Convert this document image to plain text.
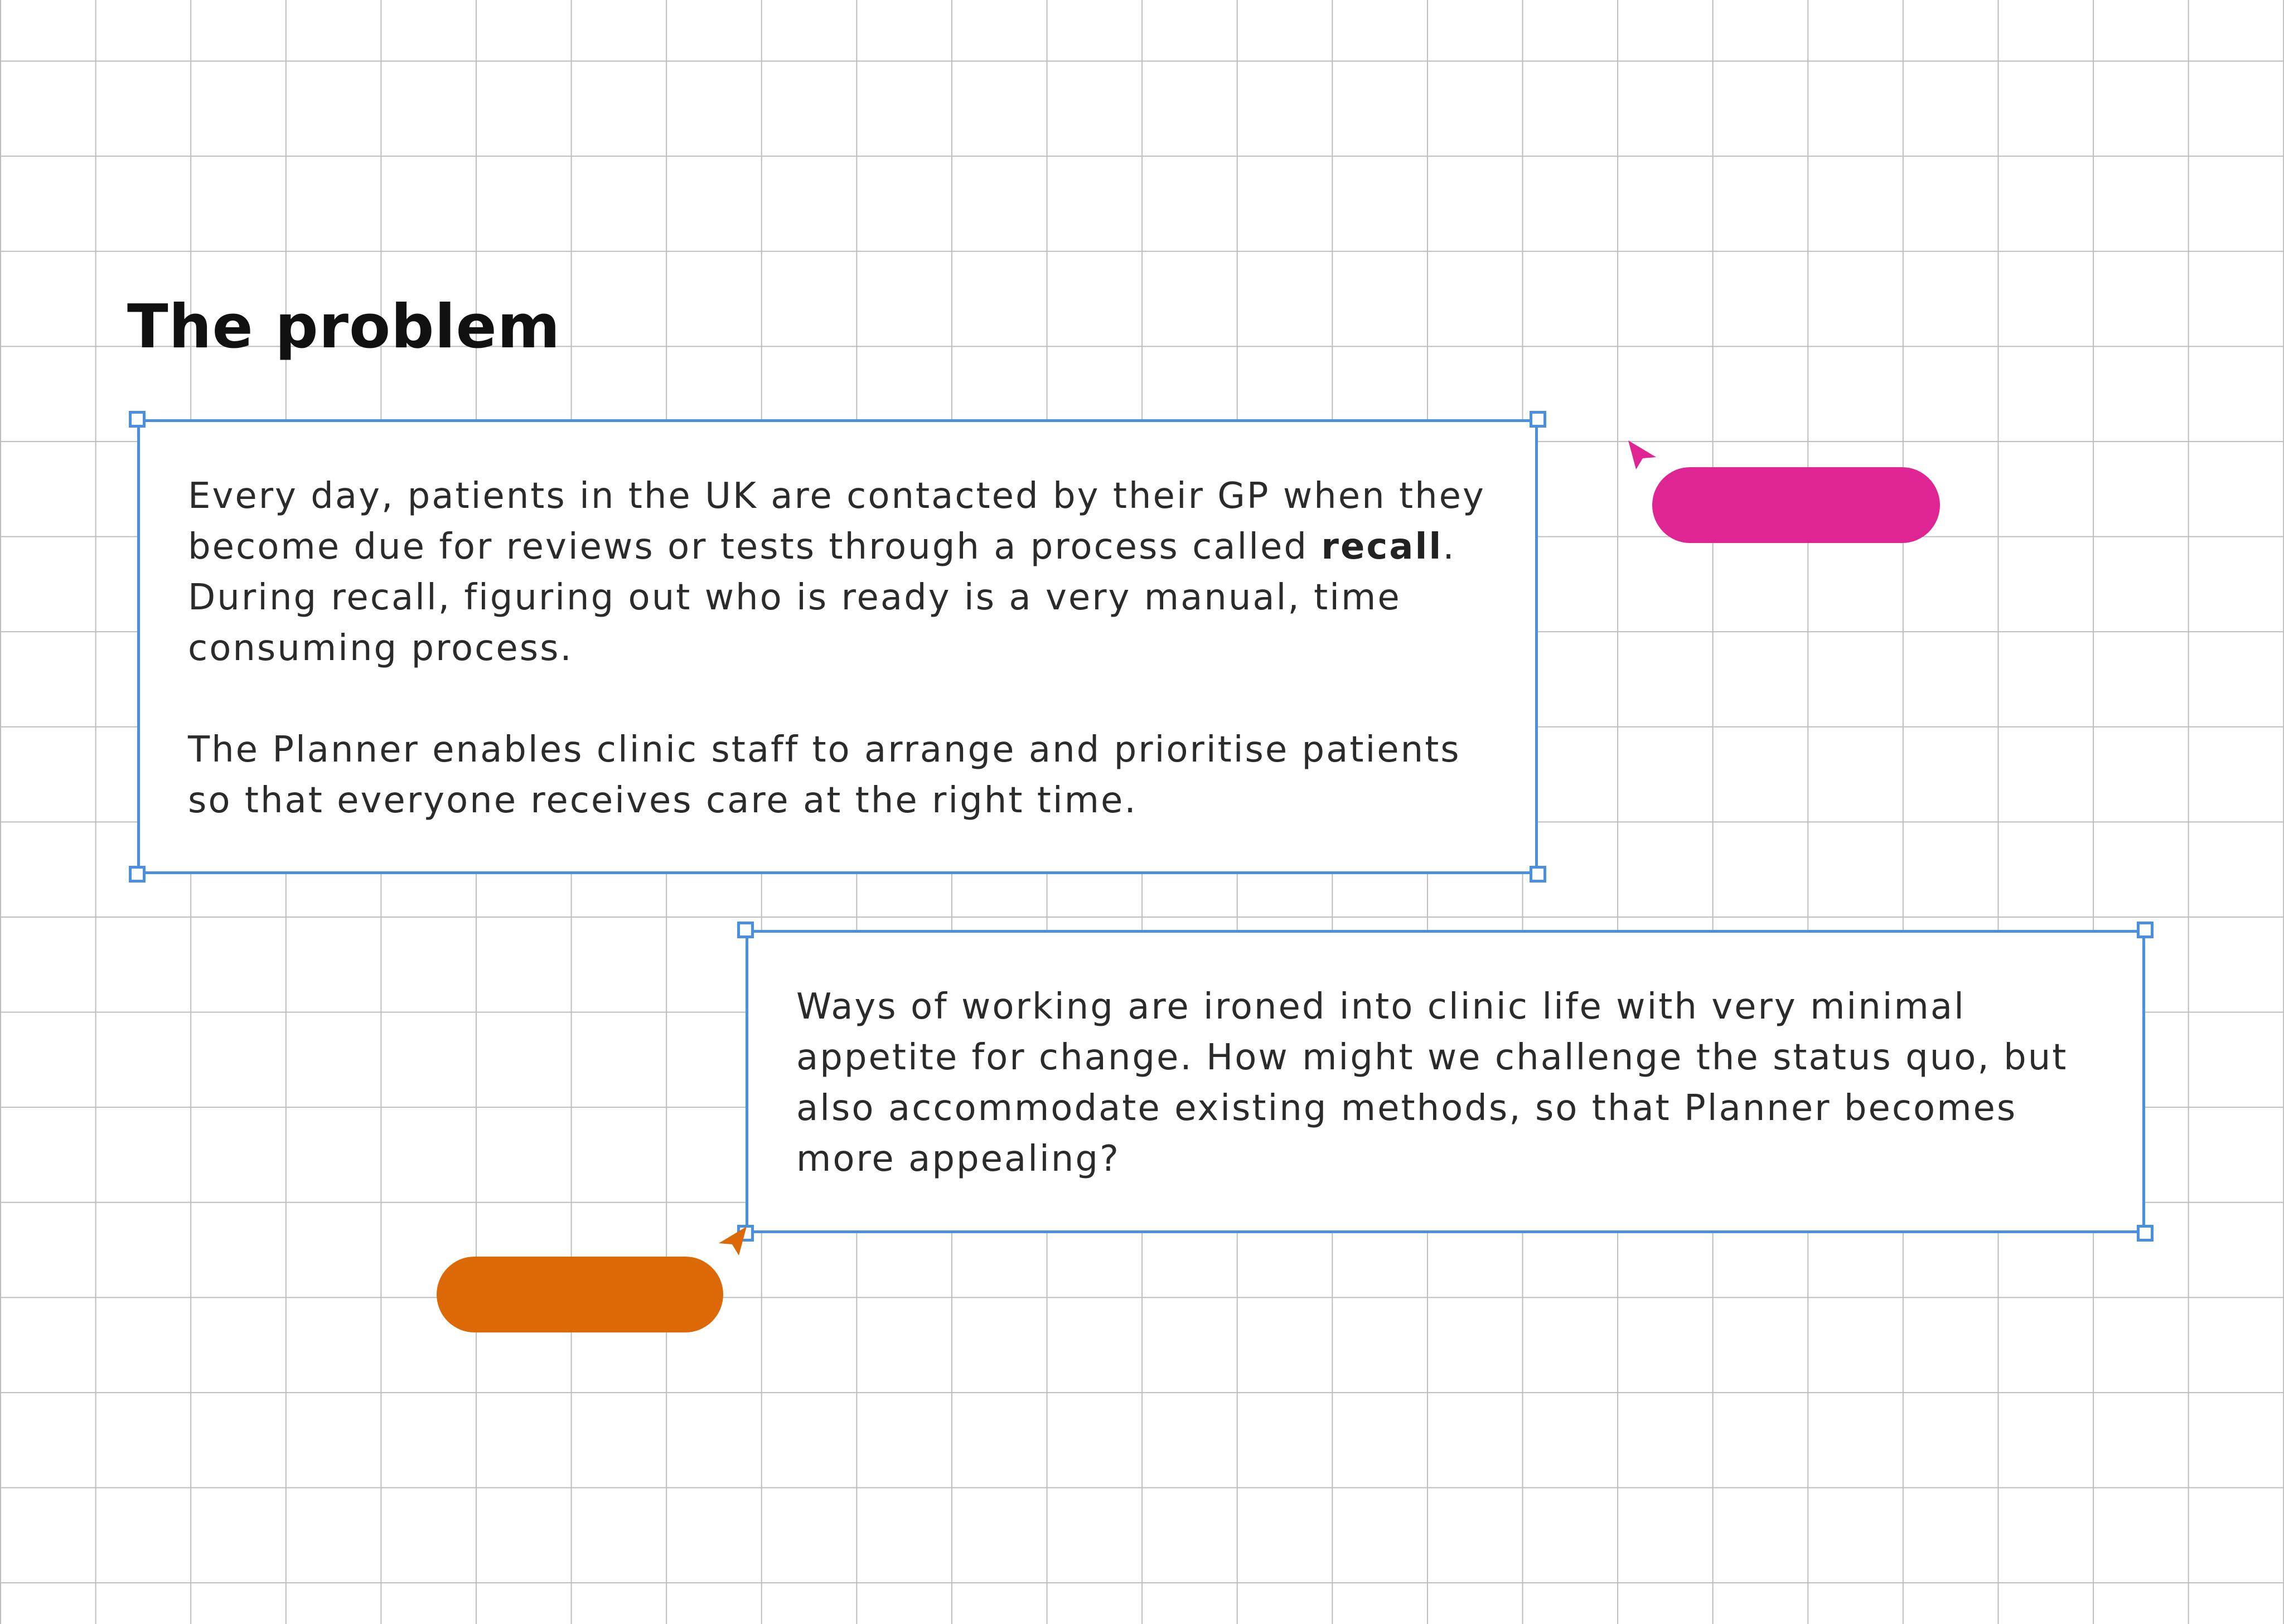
The problem

Every day, patients in the UK are contacted by their GP when they become due for reviews or tests through a process called recall. During recall, figuring out who is ready is a very manual, time consuming process.

The Planner enables clinic staff to arrange and prioritise patients so that everyone receives care at the right time.

Ways of working are ironed into clinic life with very minimal appetite for change. How might we challenge the status quo, but also accommodate existing methods, so that Planner becomes more appealing?
